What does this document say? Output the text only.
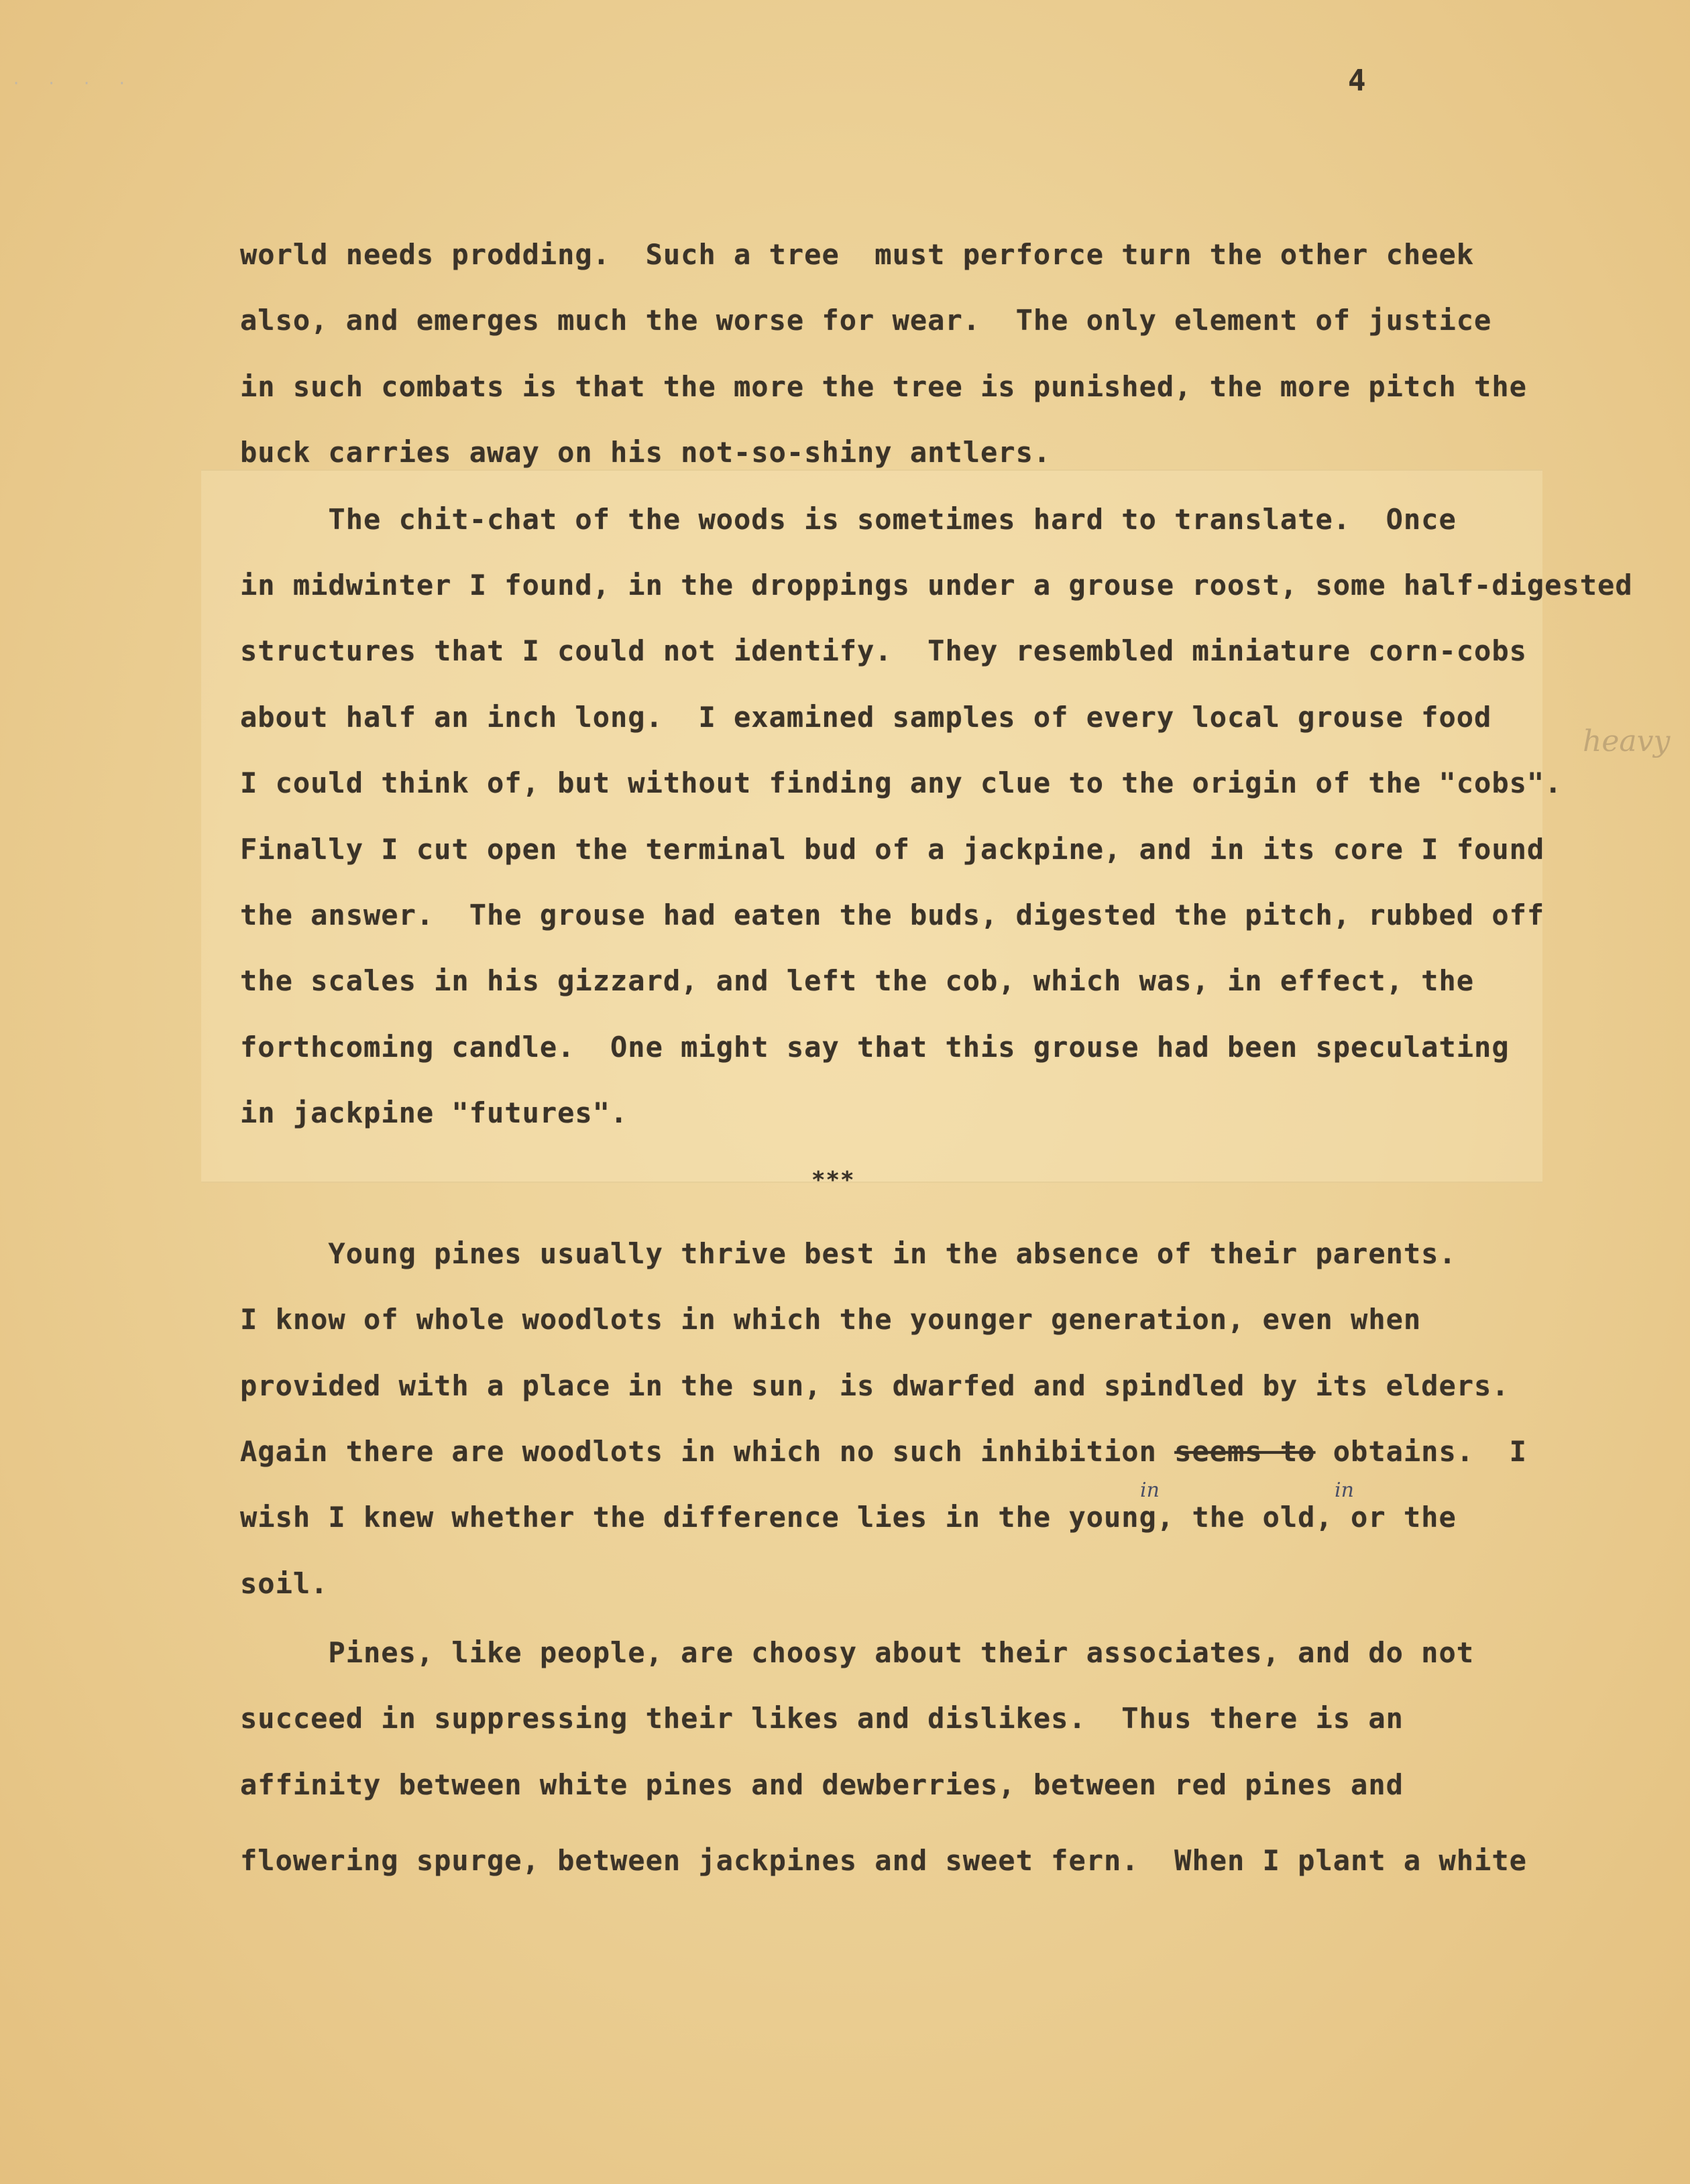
· · · ·	4
world needs prodding.  Such a tree  must perforce turn the other cheek
also, and emerges much the worse for wear.  The only element of justice
in such combats is that the more the tree is punished, the more pitch the
buck carries away on his not-so-shiny antlers.
The chit-chat of the woods is sometimes hard to translate.  Once
in midwinter I found, in the droppings under a grouse roost, some half-digested
structures that I could not identify.  They resembled miniature corn-cobs
about half an inch long.  I examined samples of every local grouse food
I could think of, but without finding any clue to the origin of the "cobs".
Finally I cut open the terminal bud of a jackpine, and in its core I found
the answer.  The grouse had eaten the buds, digested the pitch, rubbed off
the scales in his gizzard, and left the cob, which was, in effect, the
forthcoming candle.  One might say that this grouse had been speculating
in jackpine "futures".
heavy
***
Young pines usually thrive best in the absence of their parents.
I know of whole woodlots in which the younger generation, even when
provided with a place in the sun, is dwarfed and spindled by its elders.
Again there are woodlots in which no such inhibition seems to obtains.  I
in	in
wish I knew whether the difference lies in the young, the old, or the
soil.
Pines, like people, are choosy about their associates, and do not
succeed in suppressing their likes and dislikes.  Thus there is an
affinity between white pines and dewberries, between red pines and
flowering spurge, between jackpines and sweet fern.  When I plant a white
